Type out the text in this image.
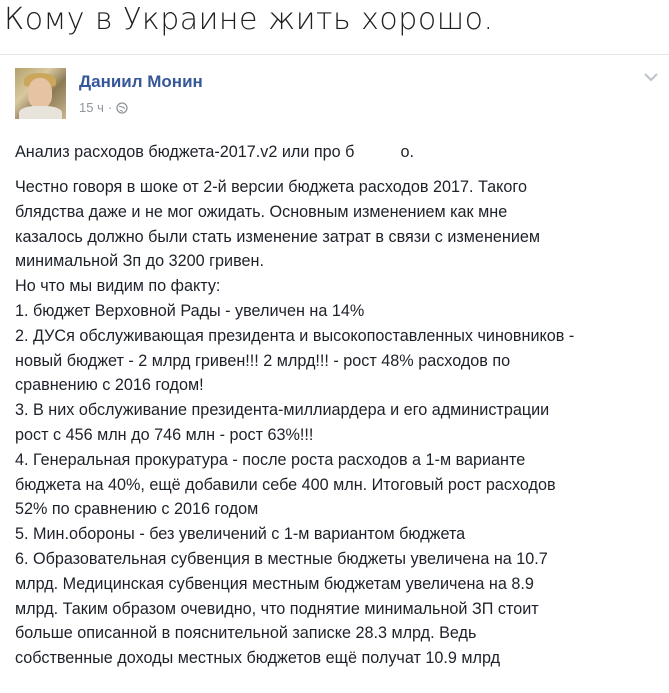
Кому в Украине жить хорошо.
Даниил Монин
15 ч ·
Анализ расходов бюджета-2017.v2 или про б	о.
Честно говоря в шоке от 2-й версии бюджета расходов 2017. Такого
блядства даже и не мог ожидать. Основным изменением как мне
казалось должно были стать изменение затрат в связи с изменением
минимальной Зп до 3200 гривен.
Но что мы видим по факту:
1. бюджет Верховной Рады - увеличен на 14%
2. ДУСя обслуживающая президента и высокопоставленных чиновников -
новый бюджет - 2 млрд гривен!!! 2 млрд!!! - рост 48% расходов по
сравнению с 2016 годом!
3. В них обслуживание президента-миллиардера и его администрации
рост с 456 млн до 746 млн - рост 63%!!!
4. Генеральная прокуратура - после роста расходов а 1-м варианте
бюджета на 40%, ещё добавили себе 400 млн. Итоговый рост расходов
52% по сравнению с 2016 годом
5. Мин.обороны - без увеличений с 1-м вариантом бюджета
6. Образовательная субвенция в местные бюджеты увеличена на 10.7
млрд. Медицинская субвенция местным бюджетам увеличена на 8.9
млрд. Таким образом очевидно, что поднятие минимальной ЗП стоит
больше описанной в пояснительной записке 28.3 млрд. Ведь
собственные доходы местных бюджетов ещё получат 10.9 млрд
